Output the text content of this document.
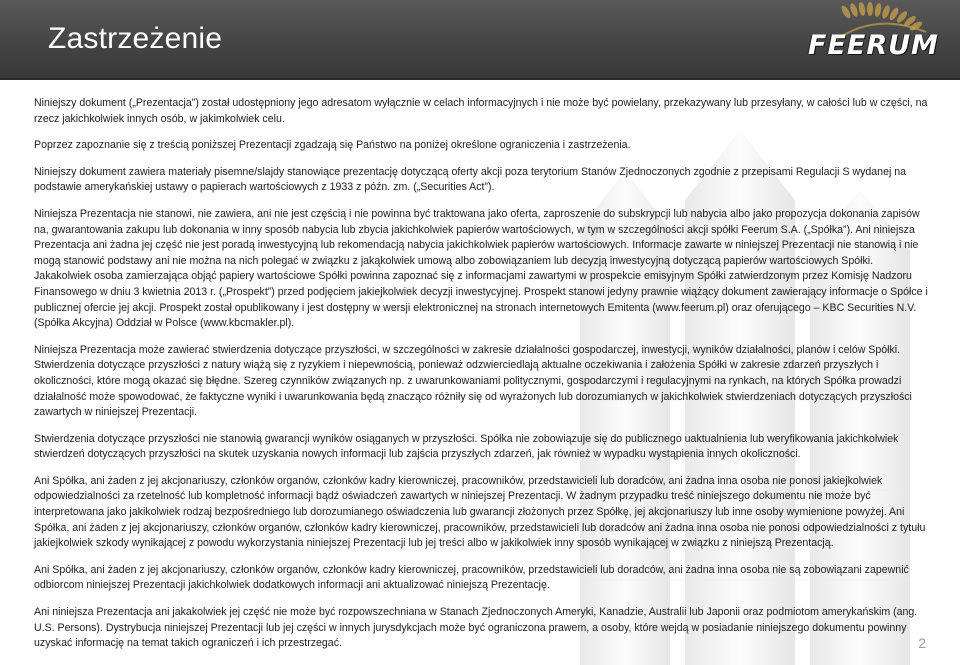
Zastrzeżenie	FEERUM

Niniejszy dokument („Prezentacja”) został udostępniony jego adresatom wyłącznie w celach informacyjnych i nie może być powielany, przekazywany lub przesyłany, w całości lub w części, na rzecz jakichkolwiek innych osób, w jakimkolwiek celu.

Poprzez zapoznanie się z treścią poniższej Prezentacji zgadzają się Państwo na poniżej określone ograniczenia i zastrzeżenia.

Niniejszy dokument zawiera materiały pisemne/slajdy stanowiące prezentację dotyczącą oferty akcji poza terytorium Stanów Zjednoczonych zgodnie z przepisami Regulacji S wydanej na podstawie amerykańskiej ustawy o papierach wartościowych z 1933 z późn. zm. („Securities Act”).

Niniejsza Prezentacja nie stanowi, nie zawiera, ani nie jest częścią i nie powinna być traktowana jako oferta, zaproszenie do subskrypcji lub nabycia albo jako propozycja dokonania zapisów na, gwarantowania zakupu lub dokonania w inny sposób nabycia lub zbycia jakichkolwiek papierów wartościowych, w tym w szczególności akcji spółki Feerum S.A. („Spółka”). Ani niniejsza Prezentacja ani żadna jej część nie jest poradą inwestycyjną lub rekomendacją nabycia jakichkolwiek papierów wartościowych. Informacje zawarte w niniejszej Prezentacji nie stanowią i nie mogą stanowić podstawy ani nie można na nich polegać w związku z jakąkolwiek umową albo zobowiązaniem lub decyzją inwestycyjną dotyczącą papierów wartościowych Spółki. Jakakolwiek osoba zamierzająca objąć papiery wartościowe Spółki powinna zapoznać się z informacjami zawartymi w prospekcie emisyjnym Spółki zatwierdzonym przez Komisję Nadzoru Finansowego w dniu 3 kwietnia 2013 r. („Prospekt”) przed podjęciem jakiejkolwiek decyzji inwestycyjnej. Prospekt stanowi jedyny prawnie wiążący dokument zawierający informacje o Spółce i publicznej ofercie jej akcji. Prospekt został opublikowany i jest dostępny w wersji elektronicznej na stronach internetowych Emitenta (www.feerum.pl) oraz oferującego – KBC Securities N.V. (Spółka Akcyjna) Oddział w Polsce (www.kbcmakler.pl).

Niniejsza Prezentacja może zawierać stwierdzenia dotyczące przyszłości, w szczególności w zakresie działalności gospodarczej, inwestycji, wyników działalności, planów i celów Spółki. Stwierdzenia dotyczące przyszłości z natury wiążą się z ryzykiem i niepewnością, ponieważ odzwierciedlają aktualne oczekiwania i założenia Spółki w zakresie zdarzeń przyszłych i okoliczności, które mogą okazać się błędne. Szereg czynników związanych np. z uwarunkowaniami politycznymi, gospodarczymi i regulacyjnymi na rynkach, na których Spółka prowadzi działalność może spowodować, że faktyczne wyniki i uwarunkowania będą znacząco różniły się od wyrażonych lub dorozumianych w jakichkolwiek stwierdzeniach dotyczących przyszłości zawartych w niniejszej Prezentacji.

Stwierdzenia dotyczące przyszłości nie stanowią gwarancji wyników osiąganych w przyszłości. Spółka nie zobowiązuje się do publicznego uaktualnienia lub weryfikowania jakichkolwiek stwierdzeń dotyczących przyszłości na skutek uzyskania nowych informacji lub zajścia przyszłych zdarzeń, jak również w wypadku wystąpienia innych okoliczności.

Ani Spółka, ani żaden z jej akcjonariuszy, członków organów, członków kadry kierowniczej, pracowników, przedstawicieli lub doradców, ani żadna inna osoba nie ponosi jakiejkolwiek odpowiedzialności za rzetelność lub kompletność informacji bądź oświadczeń zawartych w niniejszej Prezentacji. W żadnym przypadku treść niniejszego dokumentu nie może być interpretowana jako jakikolwiek rodzaj bezpośredniego lub dorozumianego oświadczenia lub gwarancji złożonych przez Spółkę, jej akcjonariuszy lub inne osoby wymienione powyżej. Ani Spółka, ani żaden z jej akcjonariuszy, członków organów, członków kadry kierowniczej, pracowników, przedstawicieli lub doradców ani żadna inna osoba nie ponosi odpowiedzialności z tytułu jakiejkolwiek szkody wynikającej z powodu wykorzystania niniejszej Prezentacji lub jej treści albo w jakikolwiek inny sposób wynikającej w związku z niniejszą Prezentacją.

Ani Spółka, ani żaden z jej akcjonariuszy, członków organów, członków kadry kierowniczej, pracowników, przedstawicieli lub doradców, ani żadna inna osoba nie są zobowiązani zapewnić odbiorcom niniejszej Prezentacji jakichkolwiek dodatkowych informacji ani aktualizować niniejszą Prezentację.

Ani niniejsza Prezentacja ani jakakolwiek jej część nie może być rozpowszechniana w Stanach Zjednoczonych Ameryki, Kanadzie, Australii lub Japonii oraz podmiotom amerykańskim (ang. U.S. Persons). Dystrybucja niniejszej Prezentacji lub jej części w innych jurysdykcjach może być ograniczona prawem, a osoby, które wejdą w posiadanie niniejszego dokumentu powinny uzyskać informację na temat takich ograniczeń i ich przestrzegać.	2
